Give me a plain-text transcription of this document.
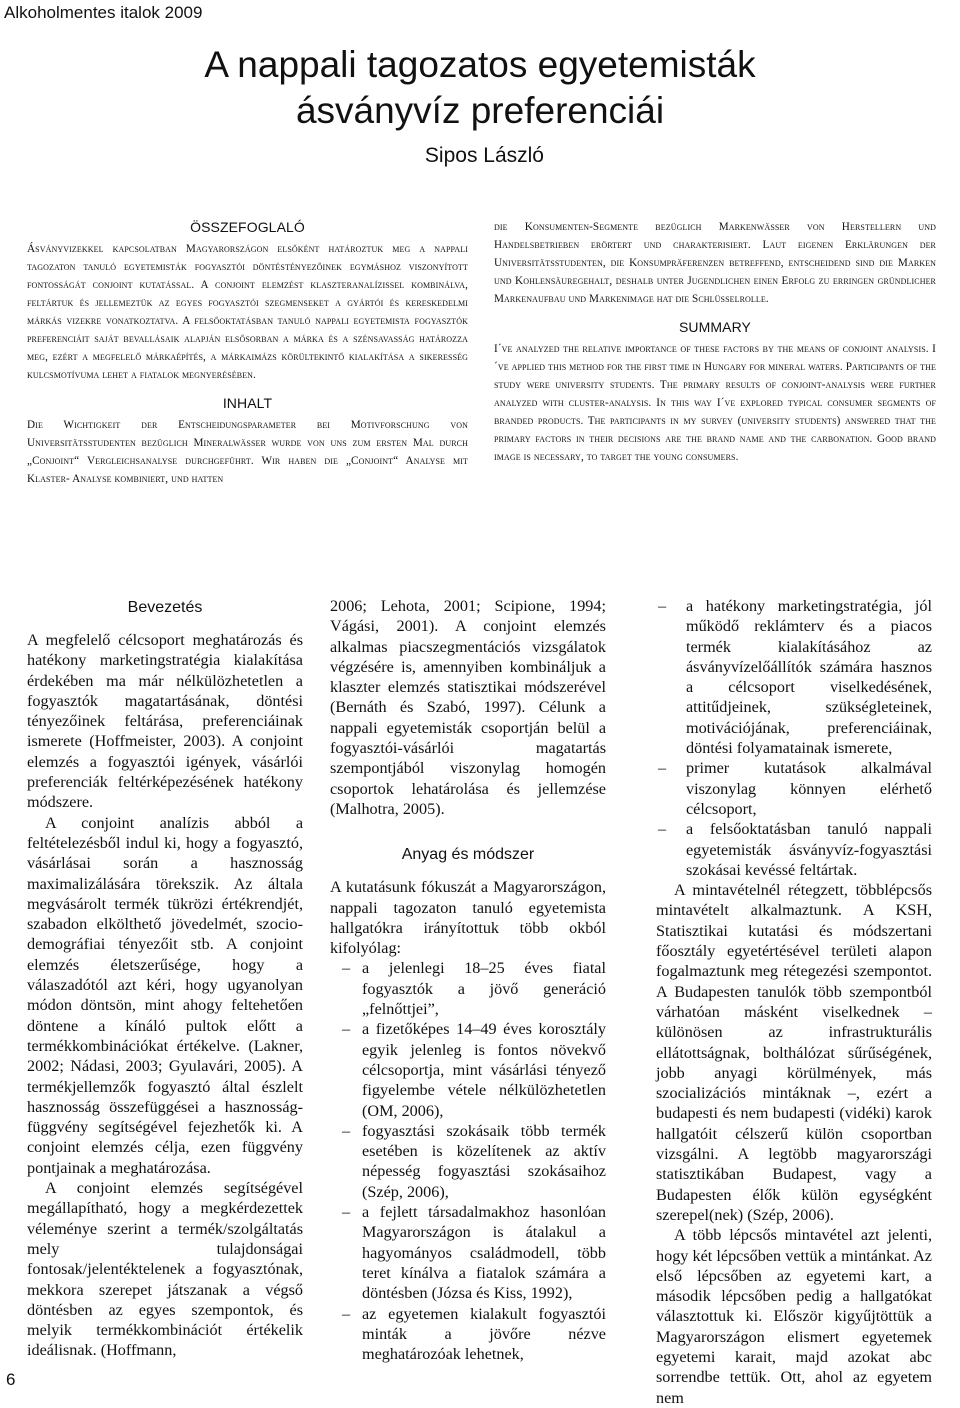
Alkoholmentes italok 2009
A nappali tagozatos egyetemisták
ásványvíz preferenciái
Sipos László
ÖSSZEFOGLALÓ

Ásványvizekkel kapcsolatban Magyarországon elsőként határoztuk meg a nappali tagozaton tanuló egyetemisták fogyasztói döntéstényezőinek egymáshoz viszonyított fontosságát conjoint kutatással. A conjoint elemzést klaszteranalízissel kombinálva, feltártuk és jellemeztük az egyes fogyasztói szegmenseket a gyártói és kereskedelmi márkás vizekre vonatkoztatva. A felsőoktatásban tanuló nappali egyetemista fogyasztók preferenciáit saját bevallásaik alapján elsősorban a márka és a szénsavasság határozza meg, ezért a megfelelő márkaépítés, a márkaimázs körültekintő kialakítása a sikeresség kulcsmotívuma lehet a fiatalok megnyerésében.

INHALT

Die Wichtigkeit der Entscheidungsparameter bei Motivforschung von Universitätsstudenten bezüglich Mineralwässer wurde von uns zum ersten Mal durch „Conjoint“ Vergleichsanalyse durchgeführt. Wir haben die „Conjoint“ Analyse mit Klaster- Analyse kombiniert, und hatten

die Konsumenten-Segmente bezüglich Markenwässer von Herstellern und Handelsbetrieben erörtert und charakterisiert. Laut eigenen Erklärungen der Universitätsstudenten, die Konsumpräferenzen betreffend, entscheidend sind die Marken und Kohlensäuregehalt, deshalb unter Jugendlichen einen Erfolg zu erringen gründlicher Markenaufbau und Markenimage hat die Schlüsselrolle.

SUMMARY

I´ve analyzed the relative importance of these factors by the means of conjoint analysis. I´ve applied this method for the first time in Hungary for mineral waters. Participants of the study were university students. The primary results of conjoint-analysis were further analyzed with cluster-analysis. In this way I´ve explored typical consumer segments of branded products. The participants in my survey (university students) answered that the primary factors in their decisions are the brand name and the carbonation. Good brand image is necessary, to target the young consumers.

Bevezetés

A megfelelő célcsoport meghatározás és hatékony marketingstratégia kialakítása érdekében ma már nélkülözhetetlen a fogyasztók magatartásának, döntési tényezőinek feltárása, preferenciáinak ismerete (Hoffmeister, 2003). A conjoint elemzés a fogyasztói igények, vásárlói preferenciák feltérképezésének hatékony módszere.

A conjoint analízis abból a feltételezésből indul ki, hogy a fogyasztó, vásárlásai során a hasznosság maximalizálására törekszik. Az általa megvásárolt termék tükrözi értékrendjét, szabadon elkölthető jövedelmét, szocio-demográfiai tényezőit stb. A conjoint elemzés életszerűsége, hogy a válaszadótól azt kéri, hogy ugyanolyan módon döntsön, mint ahogy feltehetően döntene a kínáló pultok előtt a termékkombinációkat értékelve. (Lakner, 2002; Nádasi, 2003; Gyulavári, 2005). A termékjellemzők fogyasztó által észlelt hasznosság összefüggései a hasznosság-függvény segítségével fejezhetők ki. A conjoint elemzés célja, ezen függvény pontjainak a meghatározása.

A conjoint elemzés segítségével megállapítható, hogy a megkérdezettek véleménye szerint a termék/szolgáltatás mely tulajdonságai fontosak/jelentéktelenek a fogyasztónak, mekkora szerepet játszanak a végső döntésben az egyes szempontok, és melyik termékkombinációt értékelik ideálisnak. (Hoffmann,

2006; Lehota, 2001; Scipione, 1994; Vágási, 2001). A conjoint elemzés alkalmas piacszegmentációs vizsgálatok végzésére is, amennyiben kombináljuk a klaszter elemzés statisztikai módszerével (Bernáth és Szabó, 1997). Célunk a nappali egyetemisták csoportján belül a fogyasztói-vásárlói magatartás szempontjából viszonylag homogén csoportok lehatárolása és jellemzése (Malhotra, 2005).

Anyag és módszer

A kutatásunk fókuszát a Magyarországon, nappali tagozaton tanuló egyetemista hallgatókra irányítottuk több okból kifolyólag:

– a jelenlegi 18–25 éves fiatal fogyasztók a jövő generáció „felnőttjei”,
– a fizetőképes 14–49 éves korosztály egyik jelenleg is fontos növekvő célcsoportja, mint vásárlási tényező figyelembe vétele nélkülözhetetlen (OM, 2006),
– fogyasztási szokásaik több termék esetében is közelítenek az aktív népesség fogyasztási szokásaihoz (Szép, 2006),
– a fejlett társadalmakhoz hasonlóan Magyarországon is átalakul a hagyományos családmodell, több teret kínálva a fiatalok számára a döntésben (Józsa és Kiss, 1992),
– az egyetemen kialakult fogyasztói minták a jövőre nézve meghatározóak lehetnek,
– a hatékony marketingstratégia, jól működő reklámterv és a piacos termék kialakításához az ásványvízelőállítók számára hasznos a célcsoport viselkedésének, attitűdjeinek, szükségleteinek, motivációjának, preferenciáinak, döntési folyamatainak ismerete,
– primer kutatások alkalmával viszonylag könnyen elérhető célcsoport,
– a felsőoktatásban tanuló nappali egyetemisták ásványvíz-fogyasztási szokásai kevéssé feltártak.

A mintavételnél rétegzett, többlépcsős mintavételt alkalmaztunk. A KSH, Statisztikai kutatási és módszertani főosztály egyetértésével területi alapon fogalmaztunk meg rétegezési szempontot. A Budapesten tanulók több szempontból várhatóan másként viselkednek – különösen az infrastrukturális ellátottságnak, bolthálózat sűrűségének, jobb anyagi körülmények, más szocializációs mintáknak –, ezért a budapesti és nem budapesti (vidéki) karok hallgatóit célszerű külön csoportban vizsgálni. A legtöbb magyarországi statisztikában Budapest, vagy a Budapesten élők külön egységként szerepel(nek) (Szép, 2006).

A több lépcsős mintavétel azt jelenti, hogy két lépcsőben vettük a mintánkat. Az első lépcsőben az egyetemi kart, a második lépcsőben pedig a hallgatókat választottuk ki. Először kigyűjtöttük a Magyarországon elismert egyetemek egyetemi karait, majd azokat abc sorrendbe tettük. Ott, ahol az egyetem nem

6
